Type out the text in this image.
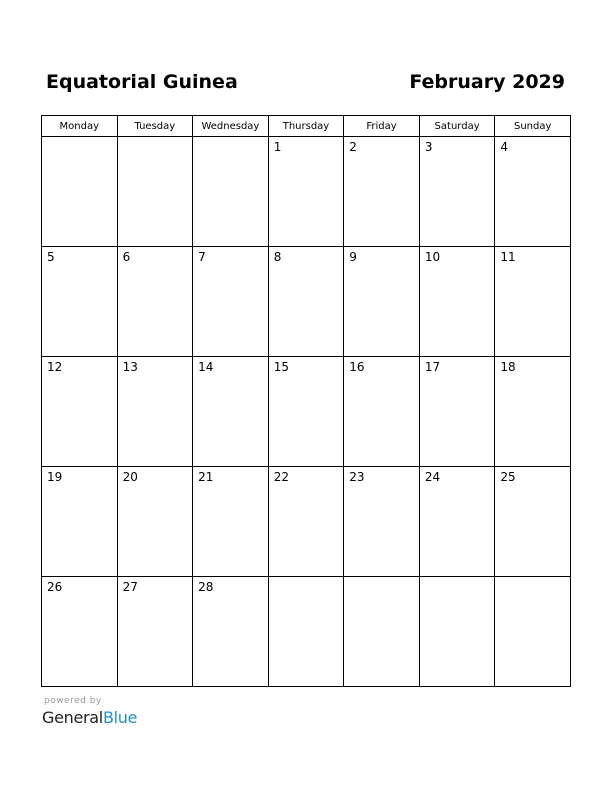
Equatorial Guinea	February 2029
Monday	Tuesday	Wednesday	Thursday	Friday	Saturday	Sunday

			1	2	3	4

5	6	7	8	9	10	11

12	13	14	15	16	17	18

19	20	21	22	23	24	25

26	27	28				

powered by
GeneralBlue
